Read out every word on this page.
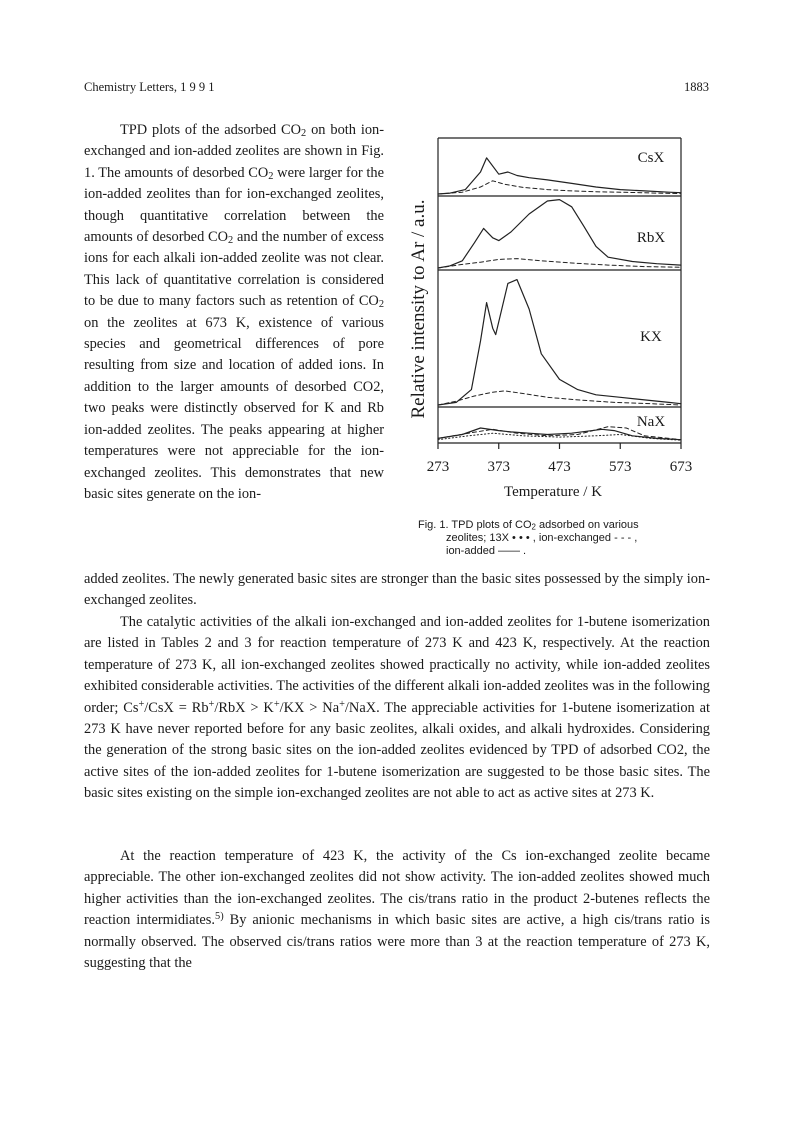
Chemistry Letters, 1 9 9 1	1883

TPD plots of the adsorbed $CO_2$ on both ion-exchanged and ion-added zeolites are shown in Fig. 1. The amounts of desorbed $CO_2$ were larger for the ion-added zeolites than for ion-exchanged zeolites, though quantitative correlation between the amounts of desorbed $CO_2$ and the number of excess ions for each alkali ion-added zeolite was not clear. This lack of quantitative correlation is considered to be due to many factors such as retention of $CO_2$ on the zeolites at 673 K, existence of various species and geometrical differences of pore resulting from size and location of added ions. In addition to the larger amounts of desorbed CO2, two peaks were distinctly observed for K and Rb ion-added zeolites. The peaks appearing at higher temperatures were not appreciable for the ion-exchanged zeolites. This demonstrates that new basic sites generate on the ion-

added zeolites. The newly generated basic sites are stronger than the basic sites possessed by the simply ion-exchanged zeolites.

The catalytic activities of the alkali ion-exchanged and ion-added zeolites for 1-butene isomerization are listed in Tables 2 and 3 for reaction temperature of 273 K and 423 K, respectively. At the reaction temperature of 273 K, all ion-exchanged zeolites showed practically no activity, while ion-added zeolites exhibited considerable activities. The activities of the different alkali ion-added zeolites was in the following order; Cs+/CsX = Rb+/RbX > K+/KX > Na+/NaX. The appreciable activities for 1-butene isomerization at 273 K have never reported before for any basic zeolites, alkali oxides, and alkali hydroxides. Considering the generation of the strong basic sites on the ion-added zeolites evidenced by TPD of adsorbed CO2, the active sites of the ion-added zeolites for 1-butene isomerization are suggested to be those basic sites. The basic sites existing on the simple ion-exchanged zeolites are not able to act as active sites at 273 K.

At the reaction temperature of 423 K, the activity of the Cs ion-exchanged zeolite became appreciable. The other ion-exchanged zeolites did not show activity. The ion-added zeolites showed much higher activities than the ion-exchanged zeolites. The cis/trans ratio in the product 2-butenes reflects the reaction intermidiates.$^{5)}$ By anionic mechanisms in which basic sites are active, a high cis/trans ratio is normally observed. The observed cis/trans ratios were more than 3 at the reaction temperature of 273 K, suggesting that the

Relative intensity to Ar / a.u.
CsX
RbX
KX
NaX
273	373	473	573	673
Temperature / K
Fig. 1. TPD plots of $CO_2$ adsorbed on various

zeolites; 13X • • • , ion-exchanged - - - ,
ion-added ―― .
